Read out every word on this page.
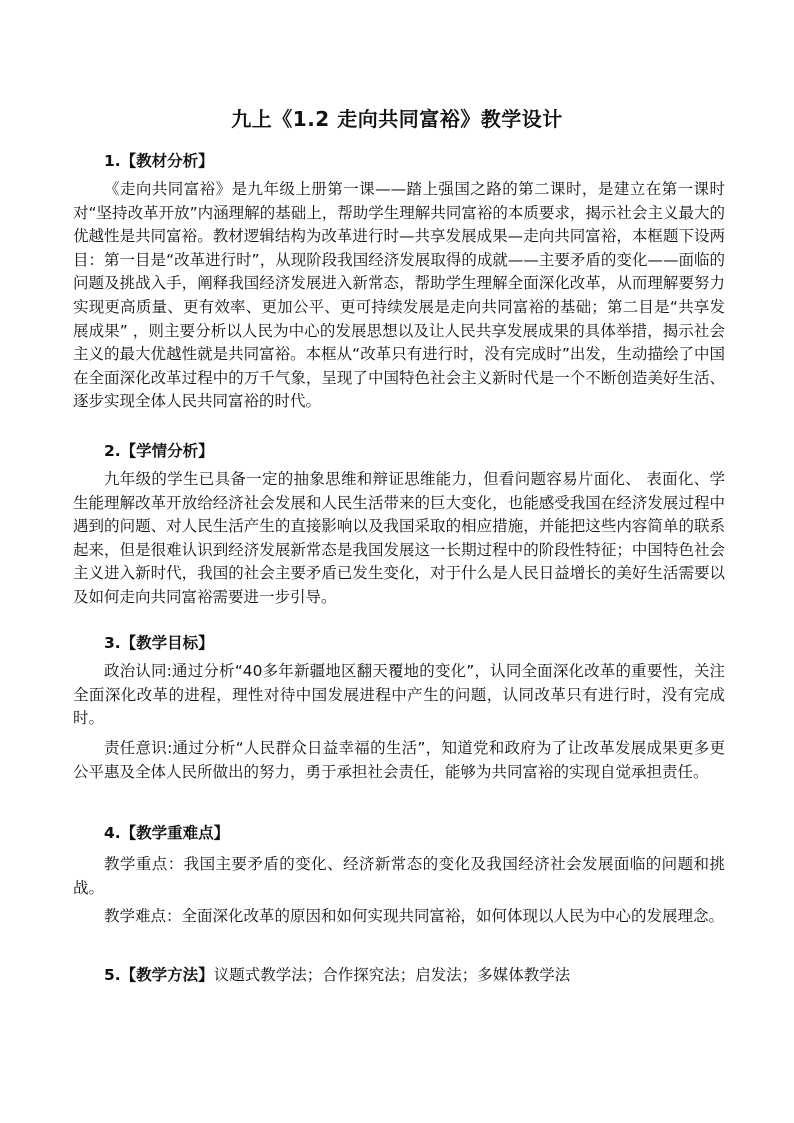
九上《1.2 走向共同富裕》教学设计
1.【教材分析】

《走向共同富裕》是九年级上册第一课——踏上强国之路的第二课时，是建立在第一课时对“坚持改革开放”内涵理解的基础上，帮助学生理解共同富裕的本质要求，揭示社会主义最大的优越性是共同富裕。教材逻辑结构为改革进行时—共享发展成果—走向共同富裕，本框题下设两目：第一目是“改革进行时”，从现阶段我国经济发展取得的成就——主要矛盾的变化——面临的问题及挑战入手，阐释我国经济发展进入新常态，帮助学生理解全面深化改革，从而理解要努力实现更高质量、更有效率、更加公平、更可持续发展是走向共同富裕的基础；第二目是“共享发展成果” ，则主要分析以人民为中心的发展思想以及让人民共享发展成果的具体举措，揭示社会主义的最大优越性就是共同富裕。本框从“改革只有进行时，没有完成时”出发，生动描绘了中国在全面深化改革过程中的万千气象，呈现了中国特色社会主义新时代是一个不断创造美好生活、逐步实现全体人民共同富裕的时代。

2.【学情分析】

九年级的学生已具备一定的抽象思维和辩证思维能力，但看问题容易片面化、 表面化、学生能理解改革开放给经济社会发展和人民生活带来的巨大变化，也能感受我国在经济发展过程中遇到的问题、对人民生活产生的直接影响以及我国采取的相应措施，并能把这些内容简单的联系起来，但是很难认识到经济发展新常态是我国发展这一长期过程中的阶段性特征；中国特色社会主义进入新时代，我国的社会主要矛盾已发生变化，对于什么是人民日益增长的美好生活需要以及如何走向共同富裕需要进一步引导。

3.【教学目标】

政治认同:通过分析“40多年新疆地区翻天覆地的变化”，认同全面深化改革的重要性，关注全面深化改革的进程，理性对待中国发展进程中产生的问题，认同改革只有进行时，没有完成时。

责任意识:通过分析“人民群众日益幸福的生活”，知道党和政府为了让改革发展成果更多更公平惠及全体人民所做出的努力，勇于承担社会责任，能够为共同富裕的实现自觉承担责任。

4.【教学重难点】

教学重点：我国主要矛盾的变化、经济新常态的变化及我国经济社会发展面临的问题和挑战。

教学难点：全面深化改革的原因和如何实现共同富裕，如何体现以人民为中心的发展理念。

5.【教学方法】议题式教学法；合作探究法；启发法；多媒体教学法
